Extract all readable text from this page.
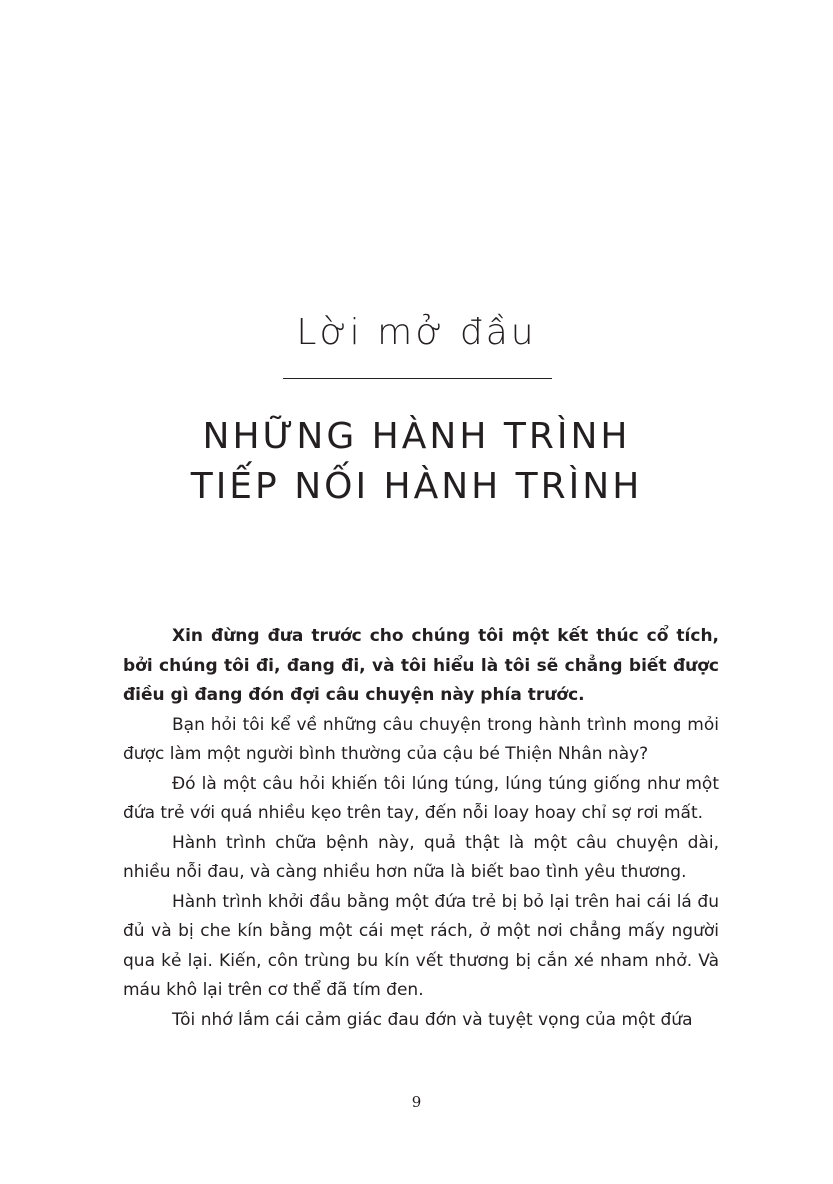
Lời mở đầu
NHỮNG HÀNH TRÌNH
TIẾP NỐI HÀNH TRÌNH

Xin đừng đưa trước cho chúng tôi một kết thúc cổ tích, bởi chúng tôi đi, đang đi, và tôi hiểu là tôi sẽ chẳng biết được điều gì đang đón đợi câu chuyện này phía trước.

Bạn hỏi tôi kể về những câu chuyện trong hành trình mong mỏi được làm một người bình thường của cậu bé Thiện Nhân này?

Đó là một câu hỏi khiến tôi lúng túng, lúng túng giống như một đứa trẻ với quá nhiều kẹo trên tay, đến nỗi loay hoay chỉ sợ rơi mất.

Hành trình chữa bệnh này, quả thật là một câu chuyện dài, nhiều nỗi đau, và càng nhiều hơn nữa là biết bao tình yêu thương.

Hành trình khởi đầu bằng một đứa trẻ bị bỏ lại trên hai cái lá đu đủ và bị che kín bằng một cái mẹt rách, ở một nơi chẳng mấy người qua kẻ lại. Kiến, côn trùng bu kín vết thương bị cắn xé nham nhở. Và máu khô lại trên cơ thể đã tím đen.

Tôi nhớ lắm cái cảm giác đau đớn và tuyệt vọng của một đứa

9
